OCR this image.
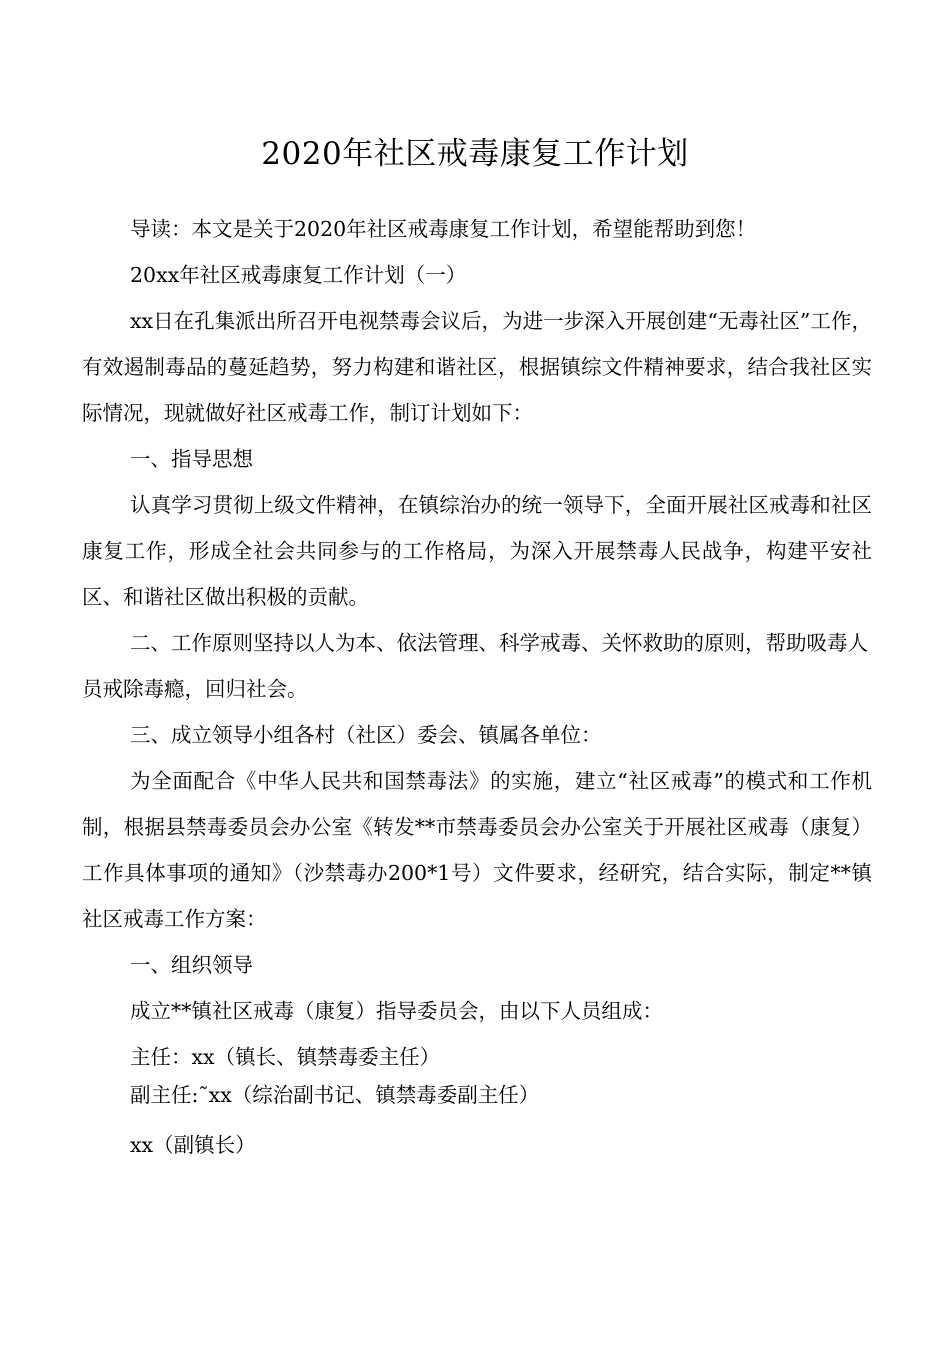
2020年社区戒毒康复工作计划

导读：本文是关于2020年社区戒毒康复工作计划，希望能帮助到您！

20xx年社区戒毒康复工作计划（一）

xx日在孔集派出所召开电视禁毒会议后，为进一步深入开展创建“无毒社区”工作，有效遏制毒品的蔓延趋势，努力构建和谐社区，根据镇综文件精神要求，结合我社区实际情况，现就做好社区戒毒工作，制订计划如下：

一、指导思想

认真学习贯彻上级文件精神，在镇综治办的统一领导下，全面开展社区戒毒和社区康复工作，形成全社会共同参与的工作格局，为深入开展禁毒人民战争，构建平安社区、和谐社区做出积极的贡献。

二、工作原则坚持以人为本、依法管理、科学戒毒、关怀救助的原则，帮助吸毒人

员戒除毒瘾，回归社会。

三、成立领导小组各村（社区）委会、镇属各单位：

为全面配合《中华人民共和国禁毒法》的实施，建立“社区戒毒”的模式和工作机制，根据县禁毒委员会办公室《转发**市禁毒委员会办公室关于开展社区戒毒（康复）工作具体事项的通知》（沙禁毒办200*1号）文件要求，经研究，结合实际，制定**镇社区戒毒工作方案：

一、组织领导

成立**镇社区戒毒（康复）指导委员会，由以下人员组成：

主任：xx（镇长、镇禁毒委主任）

副主任:˜xx（综治副书记、镇禁毒委副主任）

xx（副镇长）
